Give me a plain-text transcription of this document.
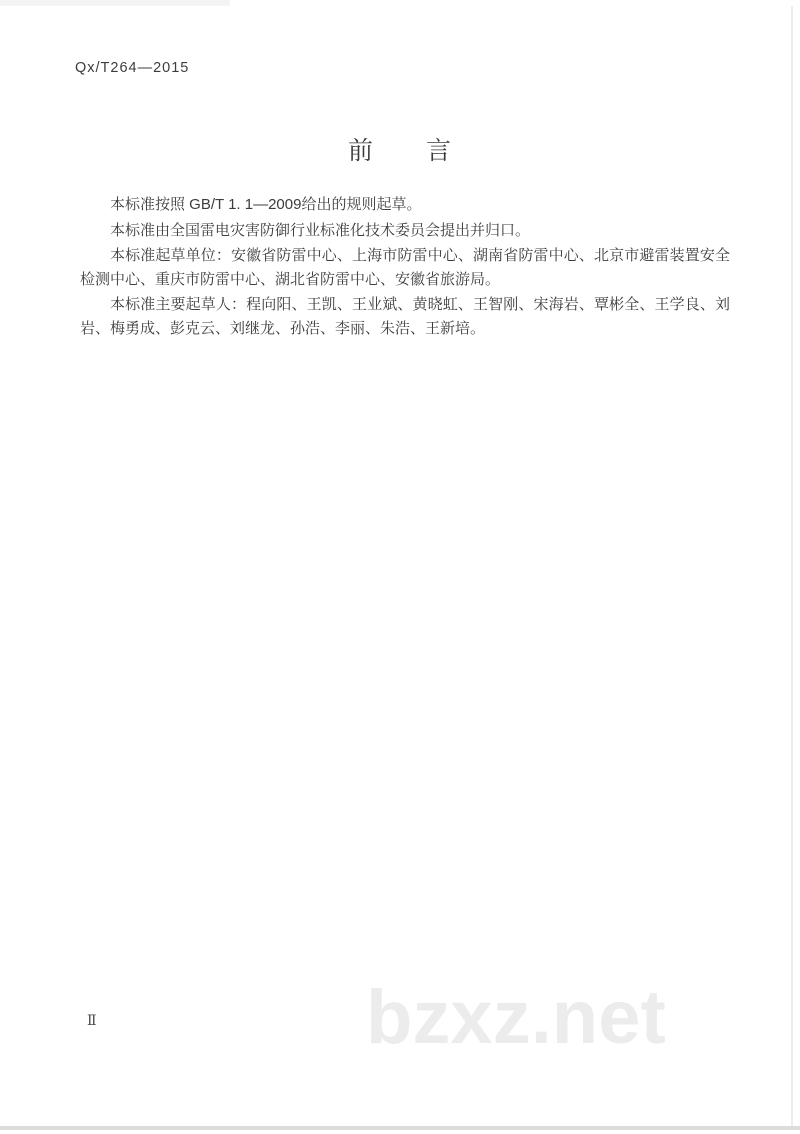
Qx/T264—2015
前　　言

本标准按照 GB/T 1. 1—2009给出的规则起草。

本标准由全国雷电灾害防御行业标准化技术委员会提出并归口。

本标准起草单位：安徽省防雷中心、上海市防雷中心、湖南省防雷中心、北京市避雷装置安全检测中心、重庆市防雷中心、湖北省防雷中心、安徽省旅游局。

本标准主要起草人：程向阳、王凯、王业斌、黄晓虹、王智刚、宋海岩、覃彬全、王学良、刘岩、梅勇成、彭克云、刘继龙、孙浩、李丽、朱浩、王新培。

bzxz.net
Ⅱ
